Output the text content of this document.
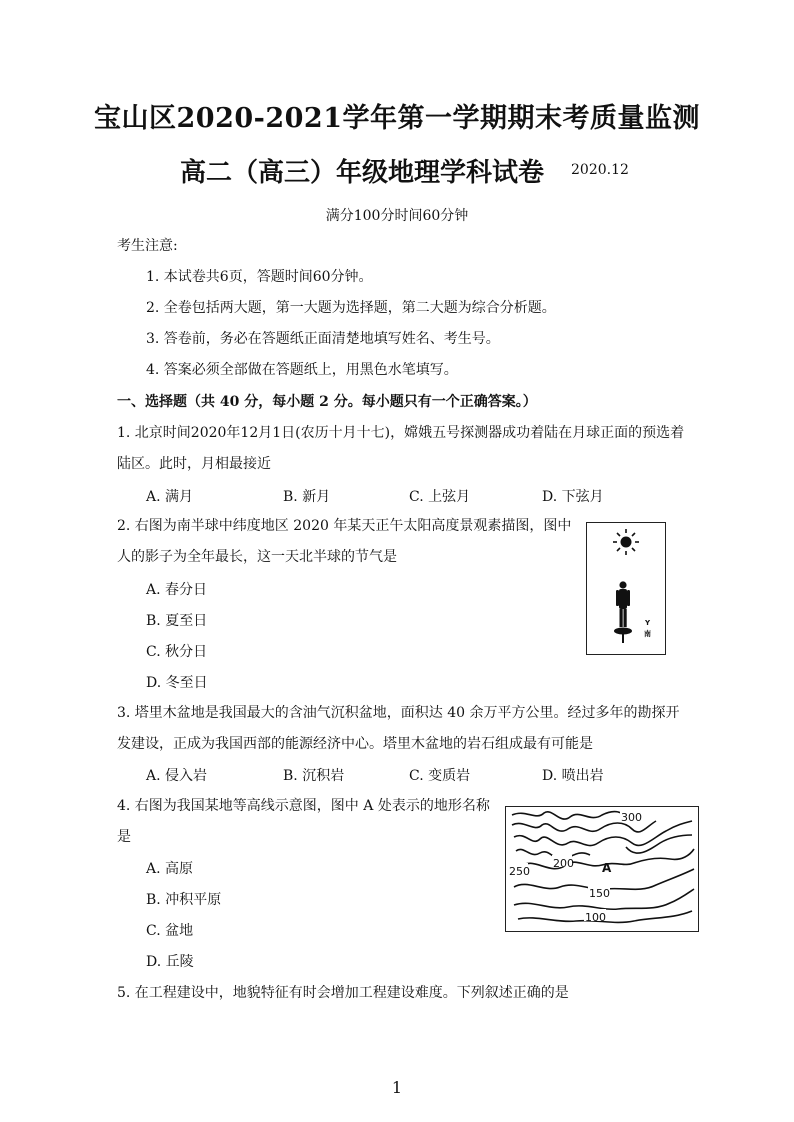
宝山区2020-2021学年第一学期期末考质量监测
高二（高三）年级地理学科试卷 2020.12
满分100分时间60分钟
考生注意:
1. 本试卷共6页，答题时间60分钟。
2. 全卷包括两大题，第一大题为选择题，第二大题为综合分析题。
3. 答卷前，务必在答题纸正面清楚地填写姓名、考生号。
4. 答案必须全部做在答题纸上，用黑色水笔填写。
一、选择题（共 40 分，每小题 2 分。每小题只有一个正确答案。）
1. 北京时间2020年12月1日(农历十月十七)，嫦娥五号探测器成功着陆在月球正面的预选着
陆区。此时，月相最接近
A. 满月	B. 新月	C. 上弦月	D. 下弦月
2. 右图为南半球中纬度地区 2020 年某天正午太阳高度景观素描图，图中
人的影子为全年最长，这一天北半球的节气是
A. 春分日
B. 夏至日
C. 秋分日
D. 冬至日
Y
南
3. 塔里木盆地是我国最大的含油气沉积盆地，面积达 40 余万平方公里。经过多年的勘探开
发建设，正成为我国西部的能源经济中心。塔里木盆地的岩石组成最有可能是
A. 侵入岩	B. 沉积岩	C. 变质岩	D. 喷出岩
4. 右图为我国某地等高线示意图，图中 A 处表示的地形名称
是
A. 高原
B. 冲积平原
C. 盆地
D. 丘陵
300
200 A
250
150
100
5. 在工程建设中，地貌特征有时会增加工程建设难度。下列叙述正确的是
1
